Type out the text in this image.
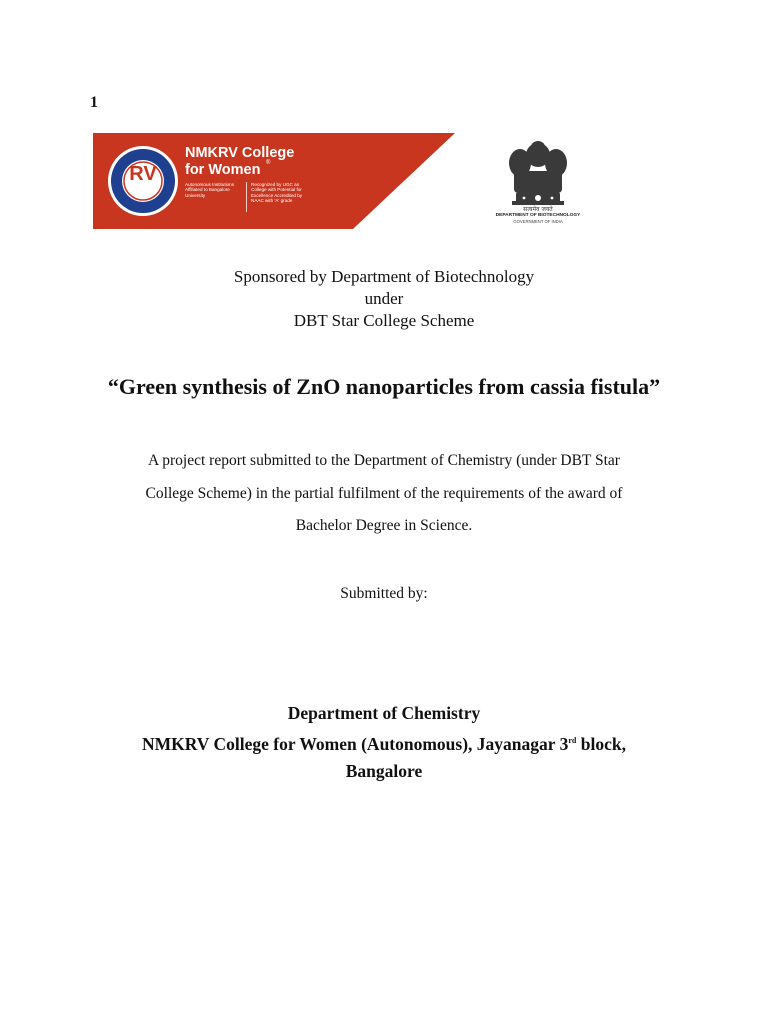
1
RV
NMKRV College
for Women ®
Autonomous Institutions Affiliated to Bangalore University
Recognized by UGC as College with Potential for Excellence Accredited by NAAC with 'A' grade
सत्यमेव जयते
DEPARTMENT OF BIOTECHNOLOGY
GOVERNMENT OF INDIA
Sponsored by Department of Biotechnology
under
DBT Star College Scheme
“Green synthesis of ZnO nanoparticles from cassia fistula”
A project report submitted to the Department of Chemistry (under DBT Star
College Scheme) in the partial fulfilment of the requirements of the award of
Bachelor Degree in Science.
Submitted by:
Department of Chemistry
NMKRV College for Women (Autonomous), Jayanagar 3rd block,
Bangalore
